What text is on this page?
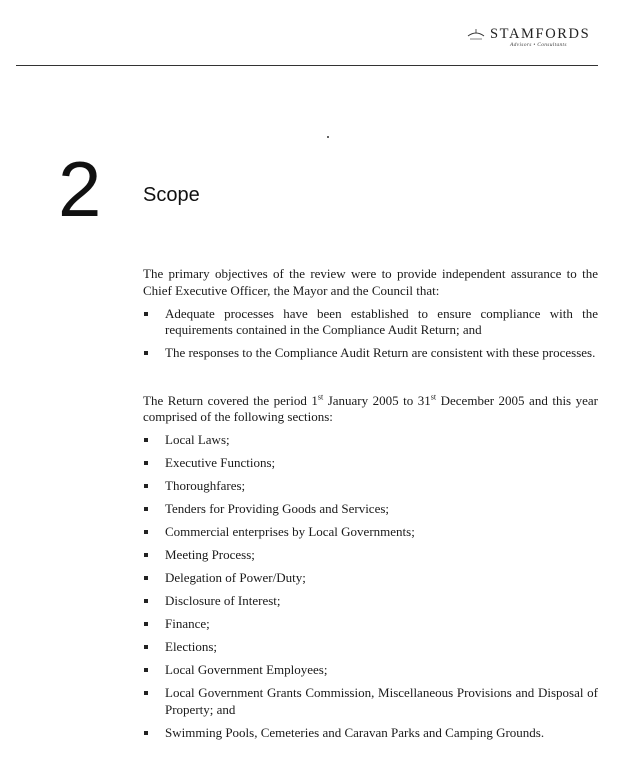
STAMFORDS
Advisors • Consultants
2 Scope

The primary objectives of the review were to provide independent assurance to the Chief Executive Officer, the Mayor and the Council that:

Adequate processes have been established to ensure compliance with the requirements contained in the Compliance Audit Return; and
The responses to the Compliance Audit Return are consistent with these processes.

The Return covered the period 1st January 2005 to 31st December 2005 and this year comprised of the following sections:

Local Laws;
Executive Functions;
Thoroughfares;
Tenders for Providing Goods and Services;
Commercial enterprises by Local Governments;
Meeting Process;
Delegation of Power/Duty;
Disclosure of Interest;
Finance;
Elections;
Local Government Employees;
Local Government Grants Commission, Miscellaneous Provisions and Disposal of Property; and
Swimming Pools, Cemeteries and Caravan Parks and Camping Grounds.
